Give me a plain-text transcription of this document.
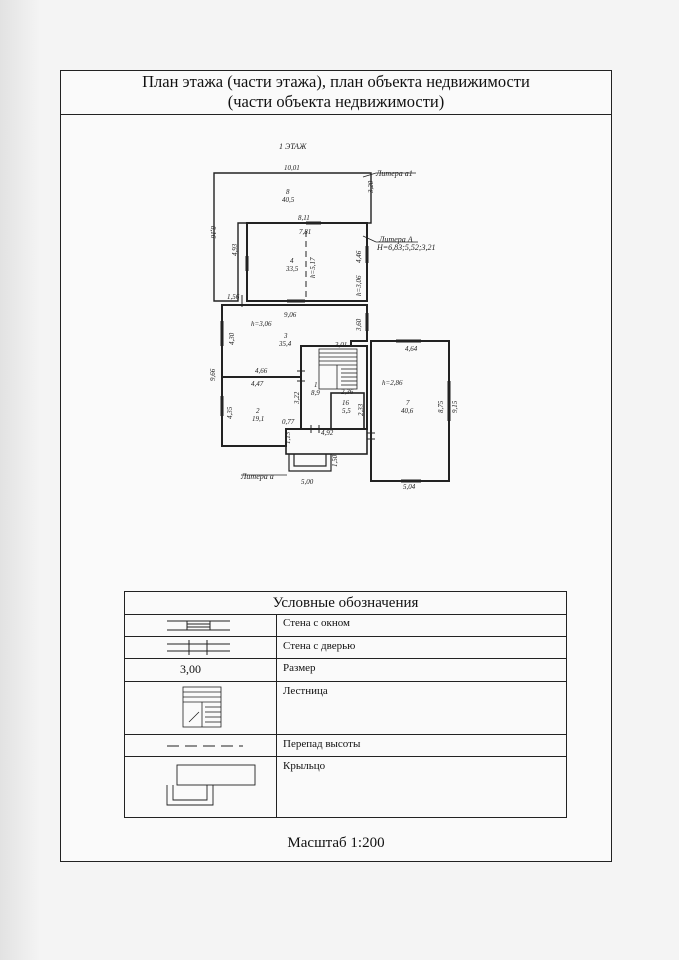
План этажа (части этажа), план объекта недвижимости
(части объекта недвижимости)
1 ЭТАЖ
Литера а1
Литера А
H=6,83;5,52;3,21
Литера а
10,01
8,16
3,20
8,11
7,81
4,93
4,46
h=3,06
h=5,17
1,56
9,06
h=3,06
4,30
3,60
3,01	4,64
9,66	4,66
4,47	h=2,86
8,75 9,15
3,22	2,36
2,33
4,35
0,77
1,13	4,92
1,50
5,00
5,04
8
40,5
4
33,5
3
35,4
1
8,9
16
5,5
2
19,1
7
40,6
Условные обозначения
Стена с окном
Стена с дверью
3,00	Размер
Лестница
Перепад высоты
Крыльцо
Масштаб 1:200
